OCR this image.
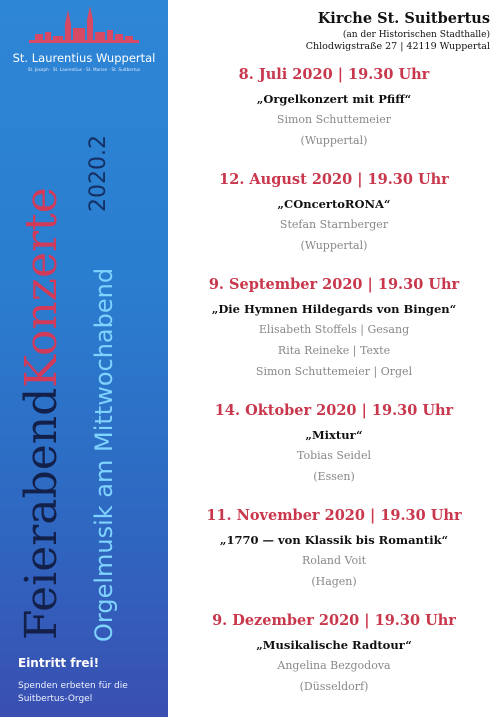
St. Laurentius Wuppertal
St. Joseph · St. Laurentius · St. Marien · St. Suitbertus
FeierabendKonzerte Orgelmusik am Mittwochabend
2020.2
Eintritt frei!
Spenden erbeten für die Suitbertus-Orgel
Kirche St. Suitbertus
(an der Historischen Stadthalle)
Chlodwigstraße 27 | 42119 Wuppertal
8. Juli 2020 | 19.30 Uhr
„Orgelkonzert mit Pfiff“
Simon Schuttemeier
(Wuppertal)
12. August 2020 | 19.30 Uhr
„COncertoRONA“
Stefan Starnberger
(Wuppertal)
9. September 2020 | 19.30 Uhr
„Die Hymnen Hildegards von Bingen“
Elisabeth Stoffels | Gesang
Rita Reineke | Texte
Simon Schuttemeier | Orgel
14. Oktober 2020 | 19.30 Uhr
„Mixtur“
Tobias Seidel
(Essen)
11. November 2020 | 19.30 Uhr
„1770 — von Klassik bis Romantik“
Roland Voit
(Hagen)
9. Dezember 2020 | 19.30 Uhr
„Musikalische Radtour“
Angelina Bezgodova
(Düsseldorf)
